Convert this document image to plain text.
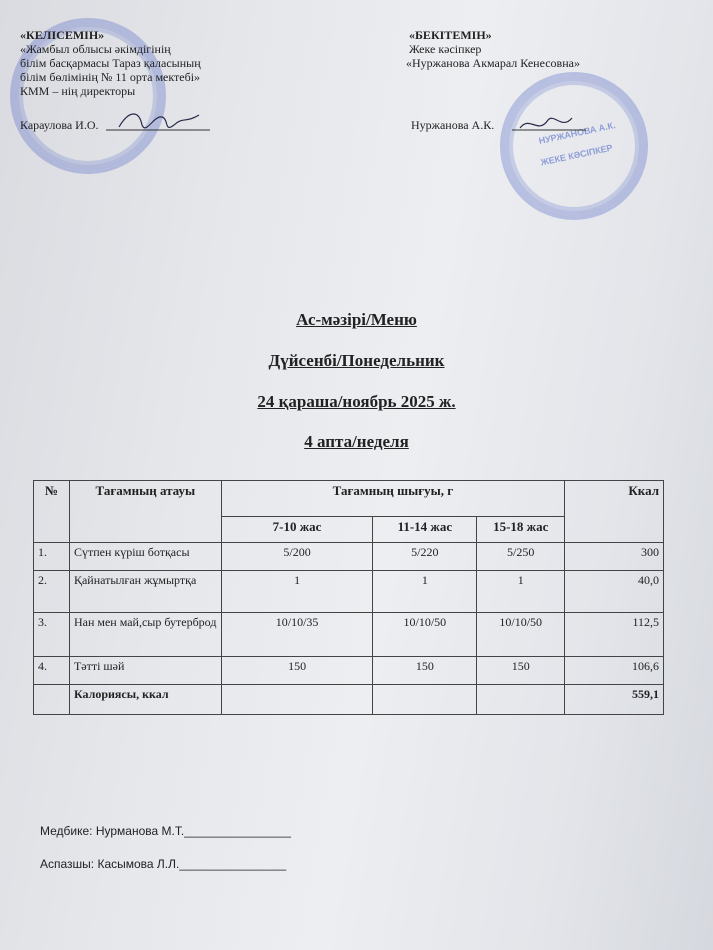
НУРЖАНОВА А.К.
ЖЕКЕ КӘСІПКЕР
«КЕЛІСЕМІН»
«Жамбыл облысы әкімдігінің
білім басқармасы Тараз қаласының
білім бөлімінің № 11 орта мектебі»
КММ – нің директоры
Караулова И.О.
«БЕКІТЕМІН»
Жеке кәсіпкер
«Нуржанова Акмарал Кенесовна»
Нуржанова А.К.
Ас-мәзірі/Меню
Дүйсенбі/Понедельник
24 қараша/ноябрь 2025 ж.
4 апта/неделя
№	Тағамның атауы	Тағамның шығуы, г			Ккал
		7-10 жас	11-14 жас	15-18 жас	
1.	Сүтпен күріш ботқасы	5/200	5/220	5/250	300
2.	Қайнатылған жұмыртқа	1	1	1	40,0
3.	Нан мен май,сыр бутерброд	10/10/35	10/10/50	10/10/50	112,5
4.	Тәтті шәй	150	150	150	106,6
	Калориясы, ккал				559,1
Медбике: Нурманова М.Т.________________
Аспазшы: Касымова Л.Л.________________
